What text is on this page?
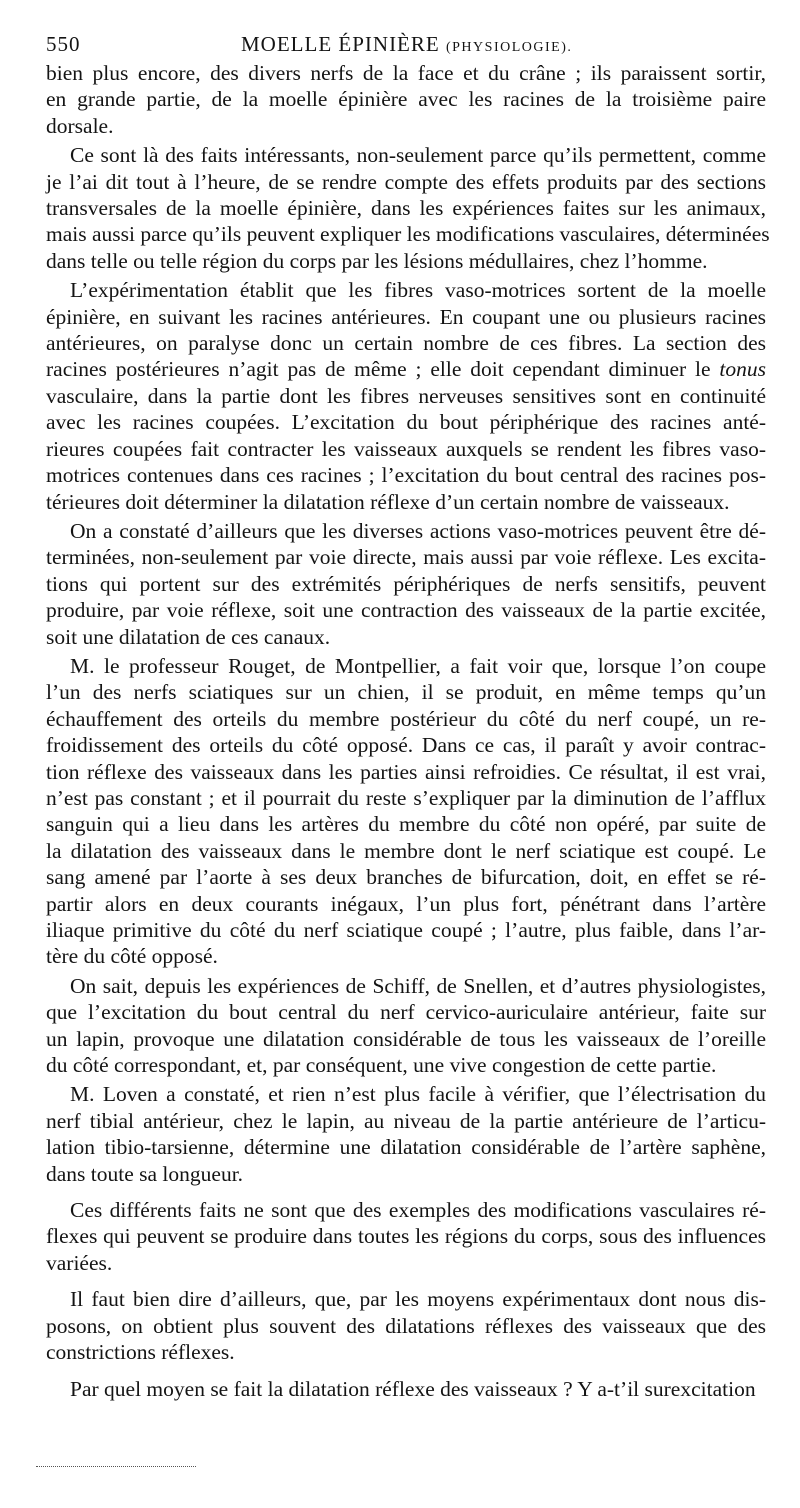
550	MOELLE ÉPINIÈRE (PHYSIOLOGIE).

bien plus encore, des divers nerfs de la face et du crâne ; ils paraissent sortir,
en grande partie, de la moelle épinière avec les racines de la troisième paire
dorsale.

Ce sont là des faits intéressants, non-seulement parce qu’ils permettent, comme
je l’ai dit tout à l’heure, de se rendre compte des effets produits par des sections
transversales de la moelle épinière, dans les expériences faites sur les animaux,
mais aussi parce qu’ils peuvent expliquer les modifications vasculaires, déterminées
dans telle ou telle région du corps par les lésions médullaires, chez l’homme.

L’expérimentation établit que les fibres vaso-motrices sortent de la moelle
épinière, en suivant les racines antérieures. En coupant une ou plusieurs racines
antérieures, on paralyse donc un certain nombre de ces fibres. La section des
racines postérieures n’agit pas de même ; elle doit cependant diminuer le tonus
vasculaire, dans la partie dont les fibres nerveuses sensitives sont en continuité
avec les racines coupées. L’excitation du bout périphérique des racines anté-
rieures coupées fait contracter les vaisseaux auxquels se rendent les fibres vaso-
motrices contenues dans ces racines ; l’excitation du bout central des racines pos-
térieures doit déterminer la dilatation réflexe d’un certain nombre de vaisseaux.

On a constaté d’ailleurs que les diverses actions vaso-motrices peuvent être dé-
terminées, non-seulement par voie directe, mais aussi par voie réflexe. Les excita-
tions qui portent sur des extrémités périphériques de nerfs sensitifs, peuvent
produire, par voie réflexe, soit une contraction des vaisseaux de la partie excitée,
soit une dilatation de ces canaux.

M. le professeur Rouget, de Montpellier, a fait voir que, lorsque l’on coupe
l’un des nerfs sciatiques sur un chien, il se produit, en même temps qu’un
échauffement des orteils du membre postérieur du côté du nerf coupé, un re-
froidissement des orteils du côté opposé. Dans ce cas, il paraît y avoir contrac-
tion réflexe des vaisseaux dans les parties ainsi refroidies. Ce résultat, il est vrai,
n’est pas constant ; et il pourrait du reste s’expliquer par la diminution de l’afflux
sanguin qui a lieu dans les artères du membre du côté non opéré, par suite de
la dilatation des vaisseaux dans le membre dont le nerf sciatique est coupé. Le
sang amené par l’aorte à ses deux branches de bifurcation, doit, en effet se ré-
partir alors en deux courants inégaux, l’un plus fort, pénétrant dans l’artère
iliaque primitive du côté du nerf sciatique coupé ; l’autre, plus faible, dans l’ar-
tère du côté opposé.

On sait, depuis les expériences de Schiff, de Snellen, et d’autres physiologistes,
que l’excitation du bout central du nerf cervico-auriculaire antérieur, faite sur
un lapin, provoque une dilatation considérable de tous les vaisseaux de l’oreille
du côté correspondant, et, par conséquent, une vive congestion de cette partie.

M. Loven a constaté, et rien n’est plus facile à vérifier, que l’électrisation du
nerf tibial antérieur, chez le lapin, au niveau de la partie antérieure de l’articu-
lation tibio-tarsienne, détermine une dilatation considérable de l’artère saphène,
dans toute sa longueur.

Ces différents faits ne sont que des exemples des modifications vasculaires ré-
flexes qui peuvent se produire dans toutes les régions du corps, sous des influences
variées.

Il faut bien dire d’ailleurs, que, par les moyens expérimentaux dont nous dis-
posons, on obtient plus souvent des dilatations réflexes des vaisseaux que des
constrictions réflexes.

Par quel moyen se fait la dilatation réflexe des vaisseaux ? Y a-t’il surexcitation
